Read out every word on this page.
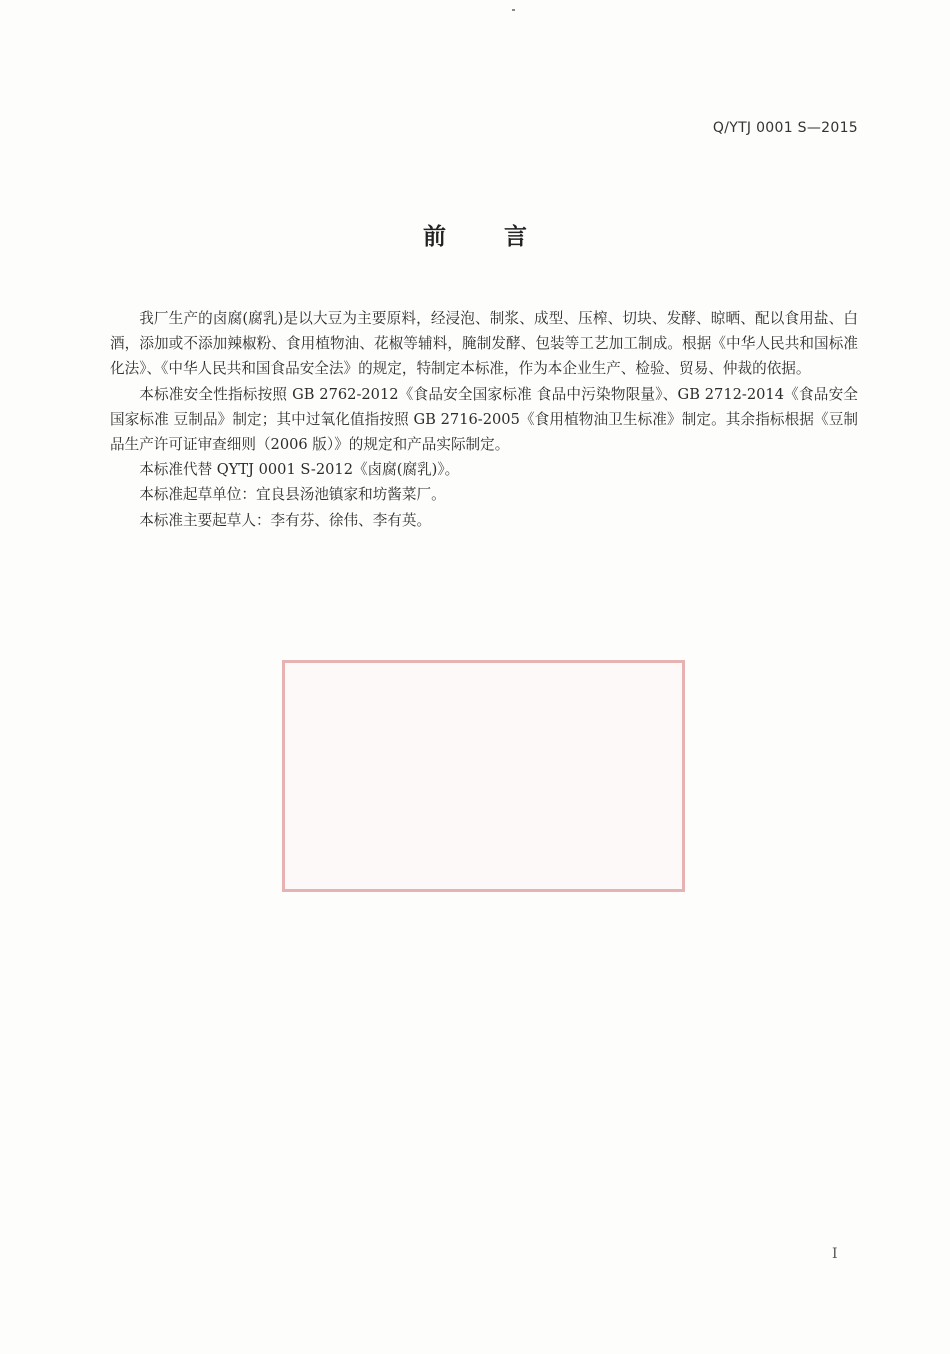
Q/YTJ 0001 S—2015
前	言

我厂生产的卤腐(腐乳)是以大豆为主要原料，经浸泡、制浆、成型、压榨、切块、发酵、晾晒、配以食用盐、白酒，添加或不添加辣椒粉、食用植物油、花椒等辅料，腌制发酵、包装等工艺加工制成。根据《中华人民共和国标准化法》、《中华人民共和国食品安全法》的规定，特制定本标准，作为本企业生产、检验、贸易、仲裁的依据。

本标准安全性指标按照 GB 2762-2012《食品安全国家标准 食品中污染物限量》、GB 2712-2014《食品安全国家标准 豆制品》制定；其中过氧化值指按照 GB 2716-2005《食用植物油卫生标准》制定。其余指标根据《豆制品生产许可证审查细则（2006 版）》的规定和产品实际制定。

本标准代替 QYTJ 0001 S-2012《卤腐(腐乳)》。

本标准起草单位：宜良县汤池镇家和坊酱菜厂。

本标准主要起草人：李有芬、徐伟、李有英。

I
